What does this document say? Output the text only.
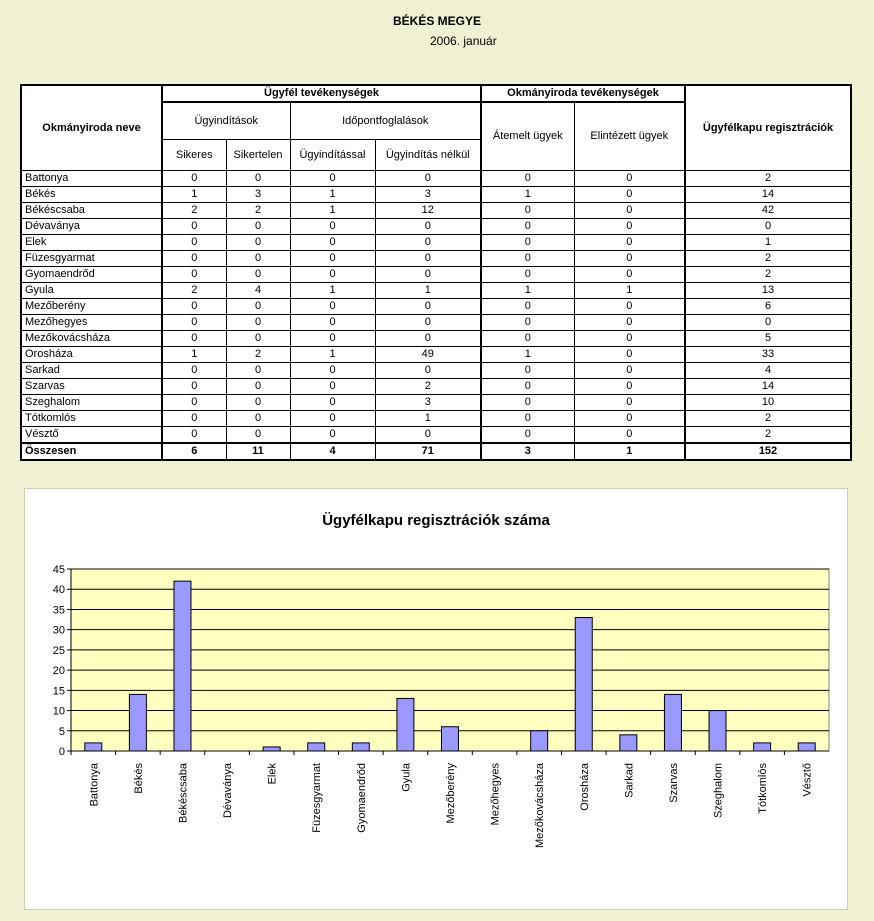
BÉKÉS MEGYE
2006. január
Okmányiroda neve	Ügyfél tevékenységek				Okmányiroda tevékenységek		Ügyfélkapu regisztrációk
	Ügyindítások		Időpontfoglalások		Átemelt ügyek	Elintézett ügyek	
	Sikeres	Sikertelen	Ügyindítással	Ügyindítás nélkül			
Battonya	0	0	0	0	0	0	2
Békés	1	3	1	3	1	0	14
Békéscsaba	2	2	1	12	0	0	42
Dévaványa	0	0	0	0	0	0	0
Elek	0	0	0	0	0	0	1
Füzesgyarmat	0	0	0	0	0	0	2
Gyomaendrőd	0	0	0	0	0	0	2
Gyula	2	4	1	1	1	1	13
Mezőberény	0	0	0	0	0	0	6
Mezőhegyes	0	0	0	0	0	0	0
Mezőkovácsháza	0	0	0	0	0	0	5
Orosháza	1	2	1	49	1	0	33
Sarkad	0	0	0	0	0	0	4
Szarvas	0	0	0	2	0	0	14
Szeghalom	0	0	0	3	0	0	10
Tótkomlós	0	0	0	1	0	0	2
Vésztő	0	0	0	0	0	0	2
Összesen	6	11	4	71	3	1	152
Ügyfélkapu regisztrációk száma
0
5
10
15
20
25
30
35
40
45
Battonya	Békés	Békéscsaba	Dévaványa	Elek	Füzesgyarmat	Gyomaendrőd	Gyula	Mezőberény	Mezőhegyes	Mezőkovácsháza	Orosháza	Sarkad	Szarvas	Szeghalom	Tótkomlós	Vésztő
